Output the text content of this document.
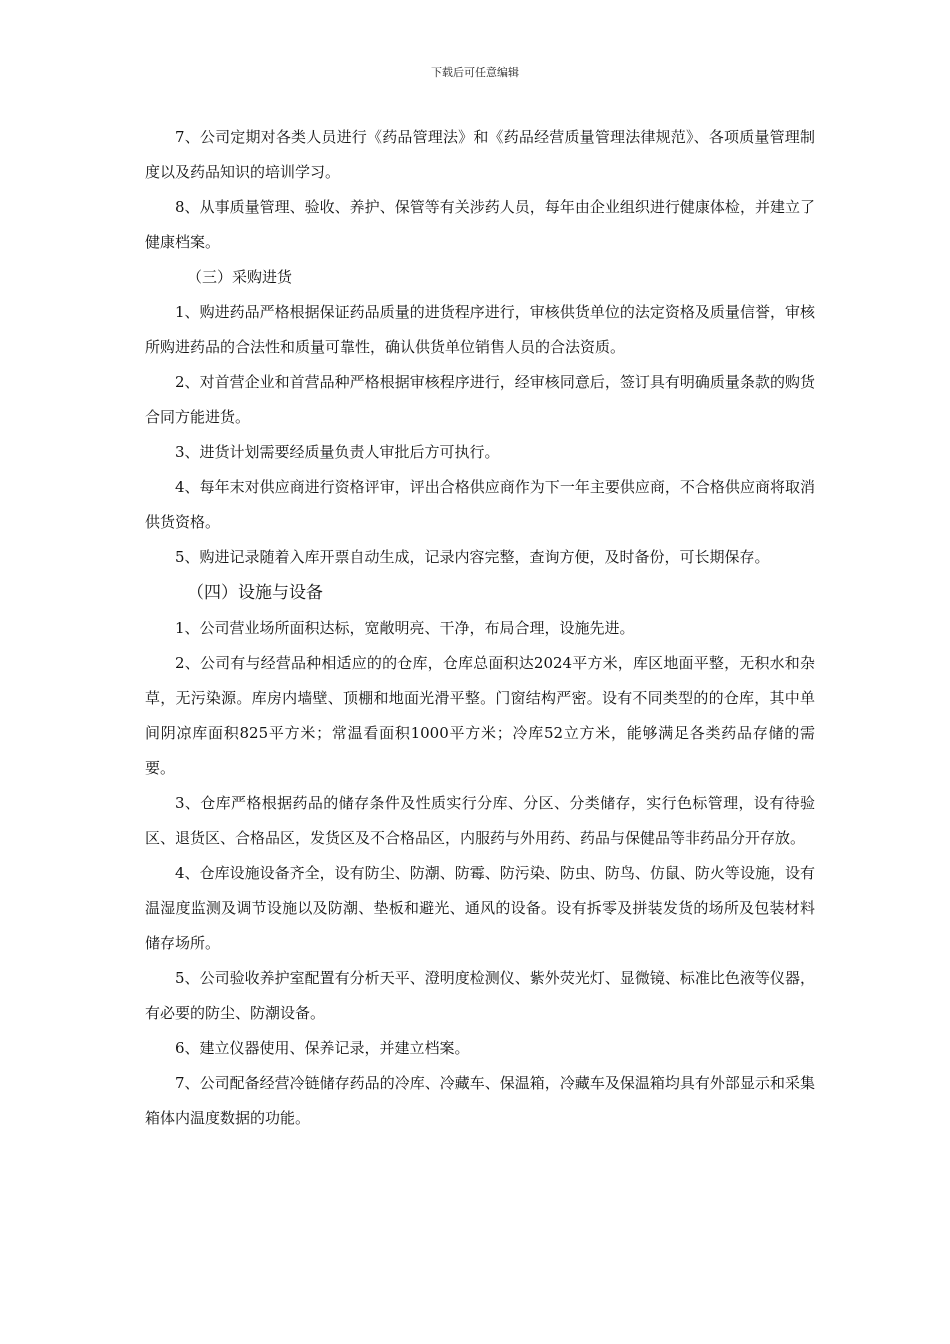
下载后可任意编辑

7、公司定期对各类人员进行《药品管理法》和《药品经营质量管理法律规范》、各项质量管理制度以及药品知识的培训学习。

8、从事质量管理、验收、养护、保管等有关涉药人员，每年由企业组织进行健康体检，并建立了健康档案。

（三）采购进货

1、购进药品严格根据保证药品质量的进货程序进行，审核供货单位的法定资格及质量信誉，审核所购进药品的合法性和质量可靠性，确认供货单位销售人员的合法资质。

2、对首营企业和首营品种严格根据审核程序进行，经审核同意后，签订具有明确质量条款的购货合同方能进货。

3、进货计划需要经质量负责人审批后方可执行。

4、每年末对供应商进行资格评审，评出合格供应商作为下一年主要供应商，不合格供应商将取消供货资格。

5、购进记录随着入库开票自动生成，记录内容完整，查询方便，及时备份，可长期保存。

（四）设施与设备

1、公司营业场所面积达标，宽敞明亮、干净，布局合理，设施先进。

2、公司有与经营品种相适应的的仓库，仓库总面积达2024平方米，库区地面平整，无积水和杂草，无污染源。库房内墙壁、顶棚和地面光滑平整。门窗结构严密。设有不同类型的的仓库，其中单间阴凉库面积825平方米；常温看面积1000平方米；冷库52立方米，能够满足各类药品存储的需要。

3、仓库严格根据药品的储存条件及性质实行分库、分区、分类储存，实行色标管理，设有待验区、退货区、合格品区，发货区及不合格品区，内服药与外用药、药品与保健品等非药品分开存放。

4、仓库设施设备齐全，设有防尘、防潮、防霉、防污染、防虫、防鸟、仿鼠、防火等设施，设有温湿度监测及调节设施以及防潮、垫板和避光、通风的设备。设有拆零及拼装发货的场所及包装材料储存场所。

5、公司验收养护室配置有分析天平、澄明度检测仪、紫外荧光灯、显微镜、标准比色液等仪器，有必要的防尘、防潮设备。

6、建立仪器使用、保养记录，并建立档案。

7、公司配备经营冷链储存药品的冷库、冷藏车、保温箱，冷藏车及保温箱均具有外部显示和采集箱体内温度数据的功能。
